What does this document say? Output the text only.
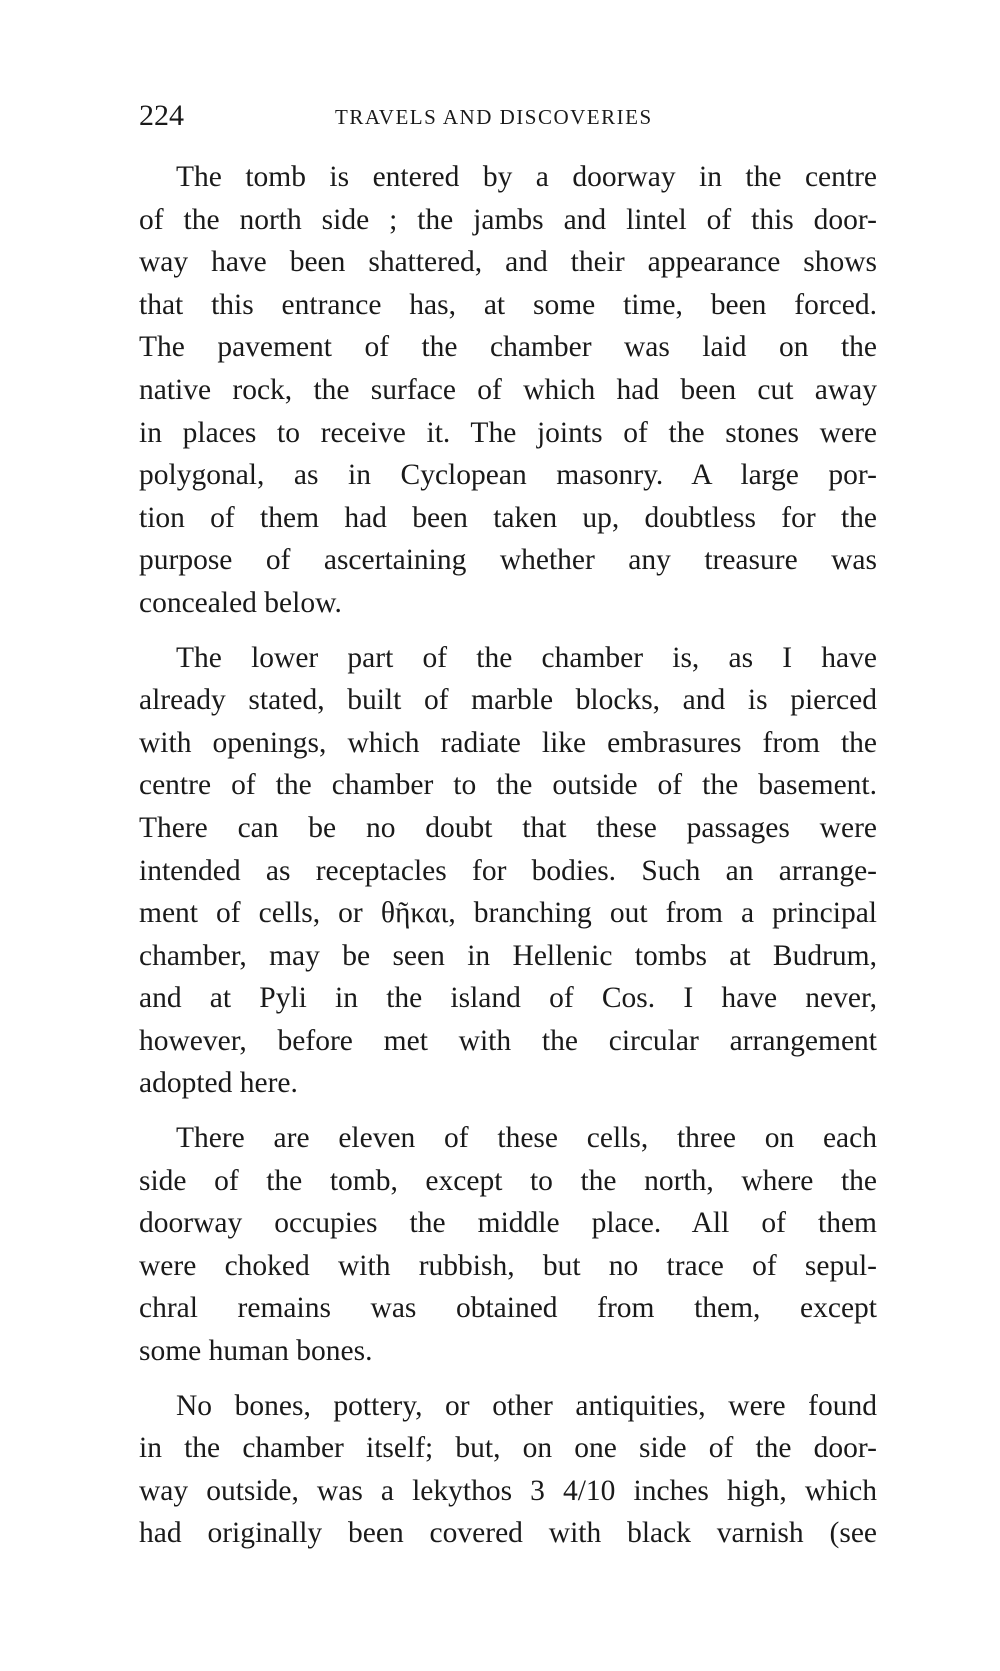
224	TRAVELS AND DISCOVERIES
The tomb is entered by a doorway in the centre
of the north side ; the jambs and lintel of this door-
way have been shattered, and their appearance shows
that this entrance has, at some time, been forced.
The pavement of the chamber was laid on the
native rock, the surface of which had been cut away
in places to receive it. The joints of the stones were
polygonal, as in Cyclopean masonry. A large por-
tion of them had been taken up, doubtless for the
purpose of ascertaining whether any treasure was
concealed below.
The lower part of the chamber is, as I have
already stated, built of marble blocks, and is pierced
with openings, which radiate like embrasures from the
centre of the chamber to the outside of the basement.
There can be no doubt that these passages were
intended as receptacles for bodies. Such an arrange-
ment of cells, or θῆκαι, branching out from a principal
chamber, may be seen in Hellenic tombs at Budrum,
and at Pyli in the island of Cos. I have never,
however, before met with the circular arrangement
adopted here.
There are eleven of these cells, three on each
side of the tomb, except to the north, where the
doorway occupies the middle place. All of them
were choked with rubbish, but no trace of sepul-
chral remains was obtained from them, except
some human bones.
No bones, pottery, or other antiquities, were found
in the chamber itself; but, on one side of the door-
way outside, was a lekythos 3 4/10 inches high, which
had originally been covered with black varnish (see
